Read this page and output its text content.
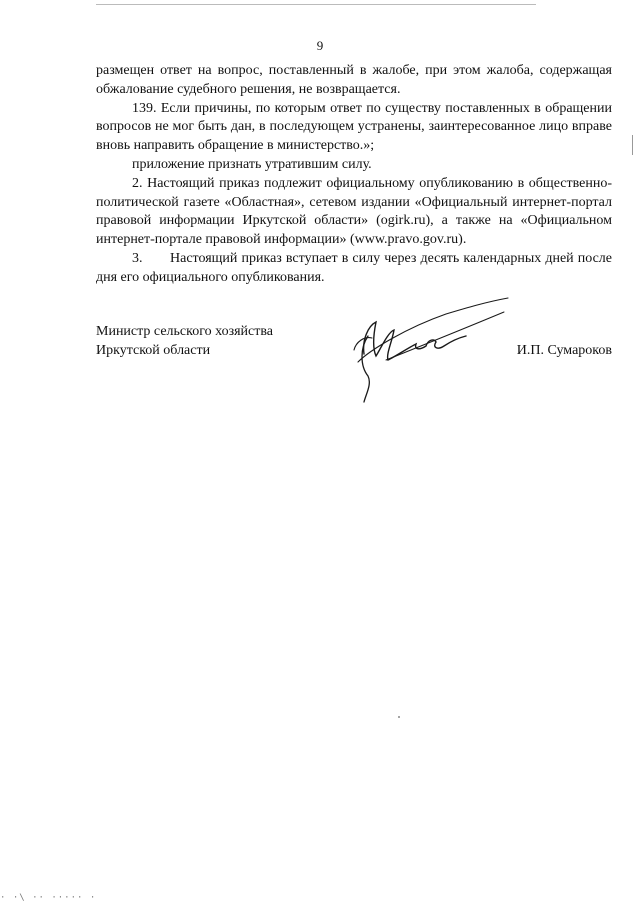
9

размещен ответ на вопрос, поставленный в жалобе, при этом жалоба, содержащая обжалование судебного решения, не возвращается.

139. Если причины, по которым ответ по существу поставленных в обращении вопросов не мог быть дан, в последующем устранены, заинтересованное лицо вправе вновь направить обращение в министерство.»;

приложение признать утратившим силу.

2. Настоящий приказ подлежит официальному опубликованию в общественно-политической газете «Областная», сетевом издании «Официальный интернет-портал правовой информации Иркутской области» (ogirk.ru), а также на «Официальном интернет-портале правовой информации» (www.pravo.gov.ru).

3. Настоящий приказ вступает в силу через десять календарных дней после дня его официального опубликования.

Министр сельского хозяйства
Иркутской области	И.П. Сумароков
· ·\ ·· ····· ·
